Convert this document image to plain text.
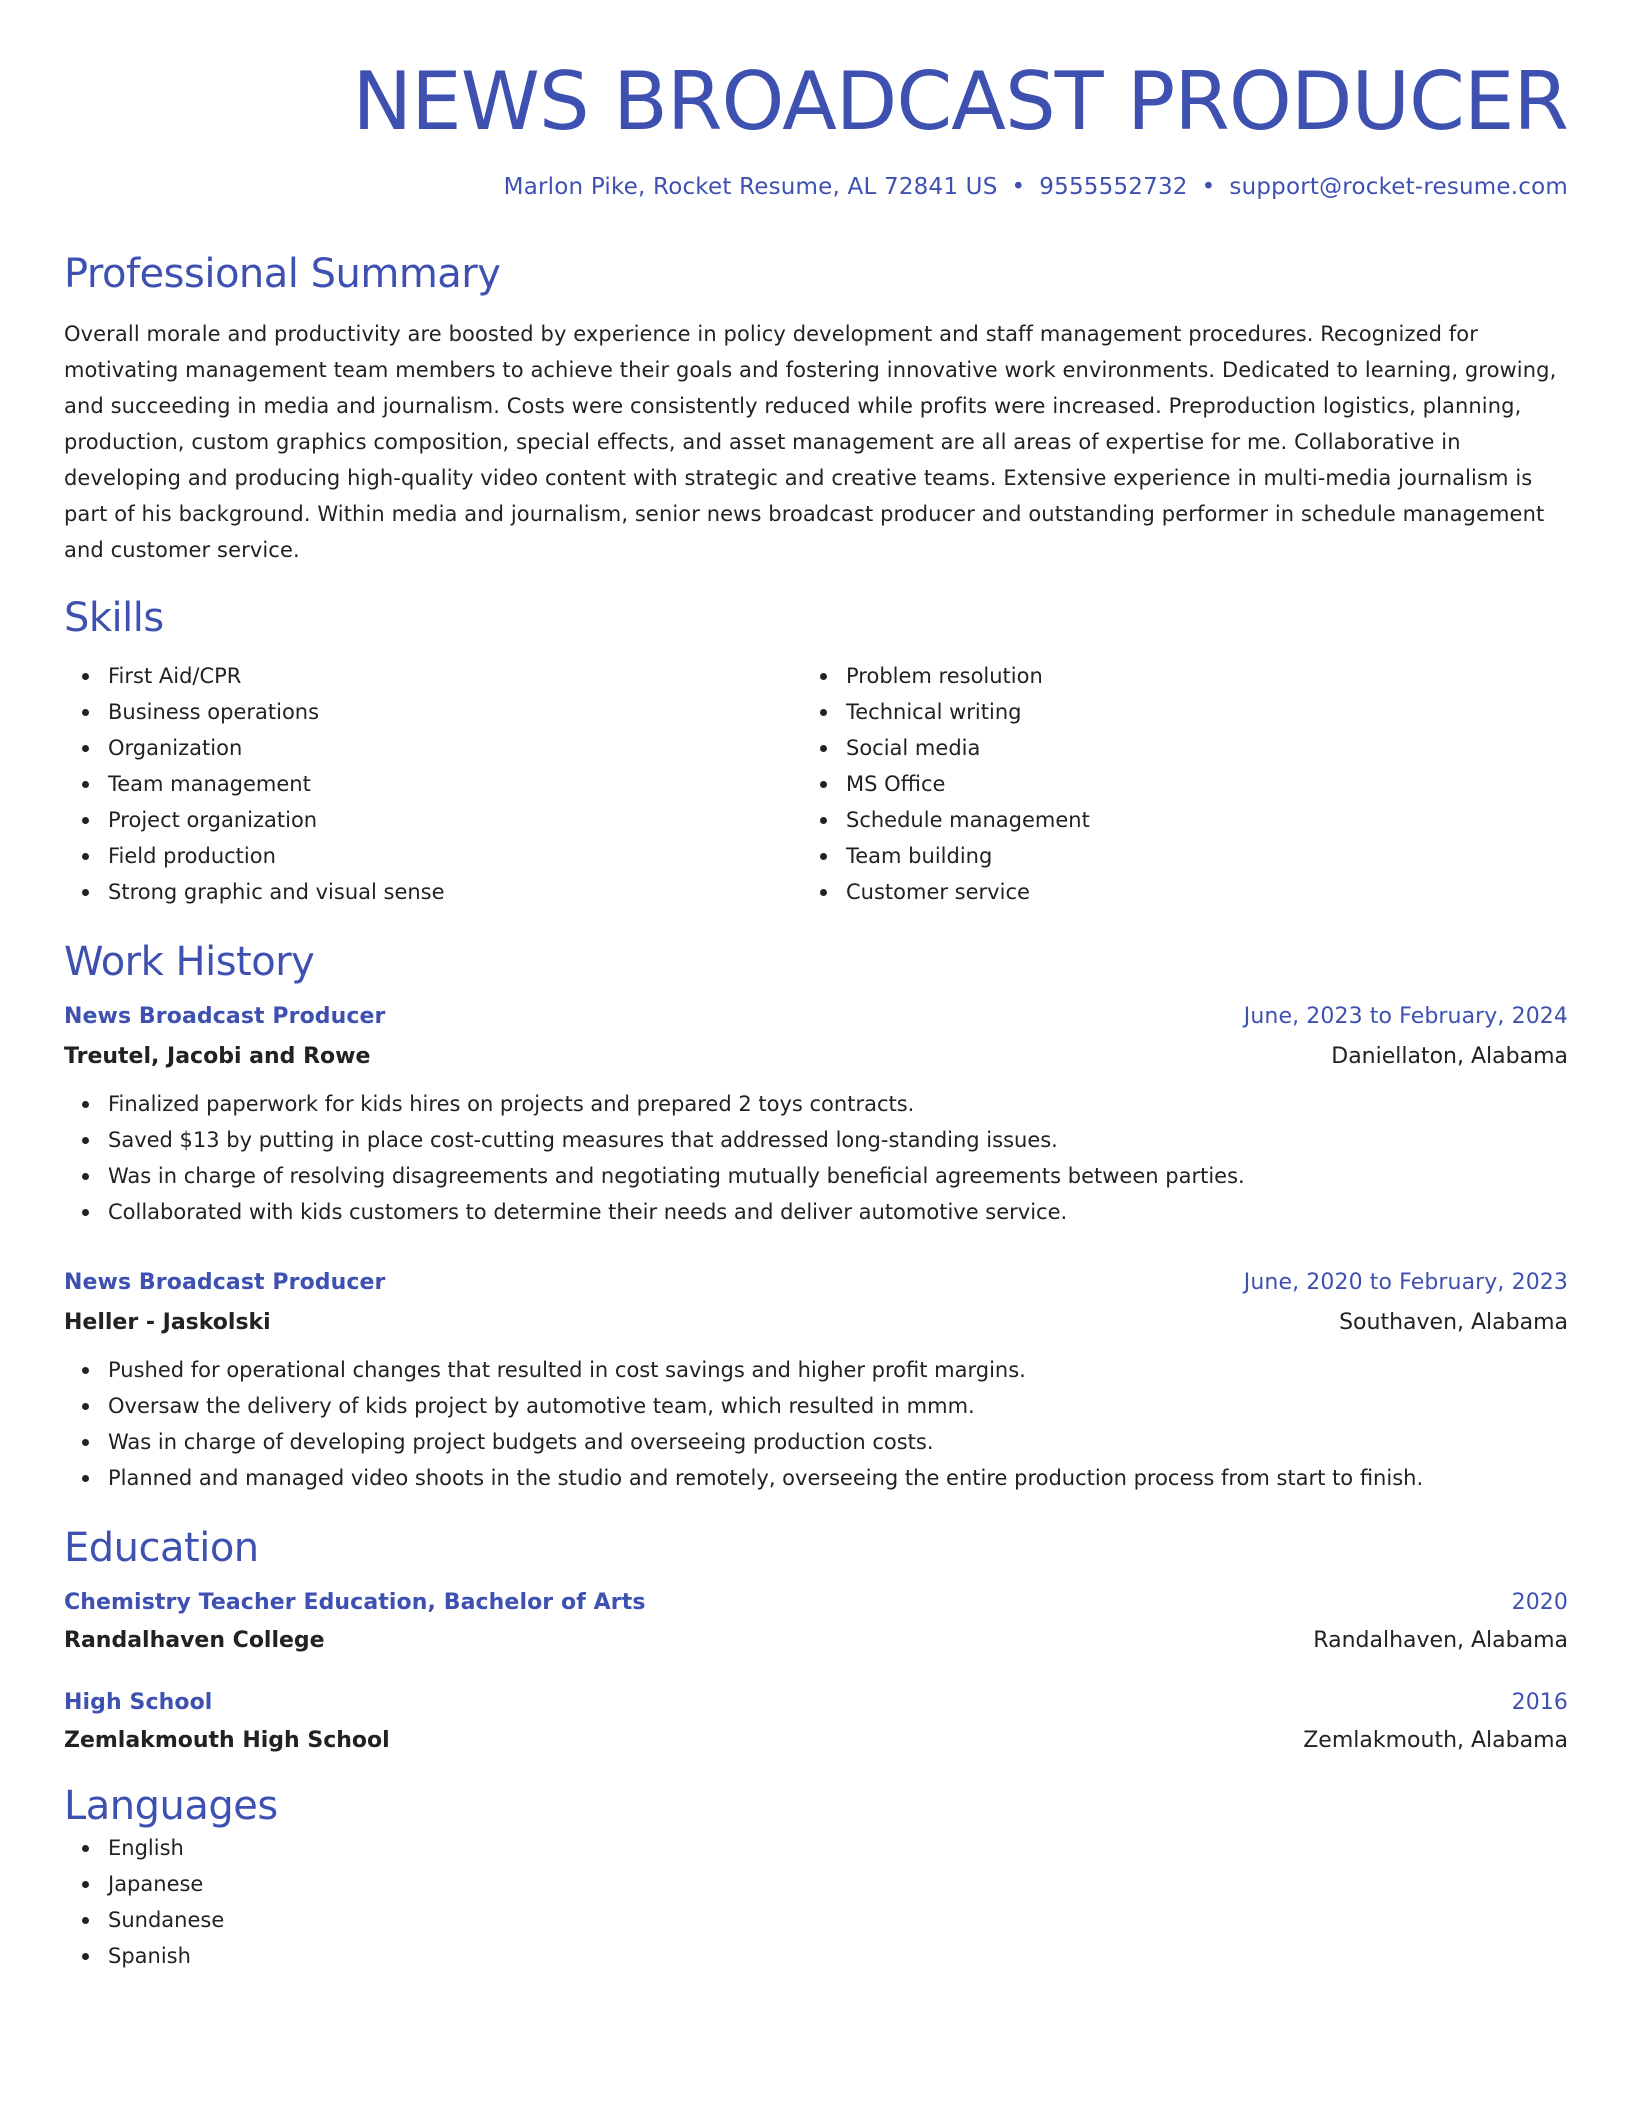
NEWS BROADCAST PRODUCER
Marlon Pike, Rocket Resume, AL 72841 US • 9555552732 • support@rocket-resume.com
Professional Summary
Overall morale and productivity are boosted by experience in policy development and staff management procedures. Recognized for motivating management team members to achieve their goals and fostering innovative work environments. Dedicated to learning, growing, and succeeding in media and journalism. Costs were consistently reduced while profits were increased. Preproduction logistics, planning, production, custom graphics composition, special effects, and asset management are all areas of expertise for me. Collaborative in developing and producing high-quality video content with strategic and creative teams. Extensive experience in multi-media journalism is part of his background. Within media and journalism, senior news broadcast producer and outstanding performer in schedule management and customer service.
Skills
First Aid/CPR
Business operations
Organization
Team management
Project organization
Field production
Strong graphic and visual sense
Problem resolution
Technical writing
Social media
MS Office
Schedule management
Team building
Customer service
Work History
News Broadcast Producer	June, 2023 to February, 2024
Treutel, Jacobi and Rowe	Daniellaton, Alabama
Finalized paperwork for kids hires on projects and prepared 2 toys contracts.
Saved $13 by putting in place cost-cutting measures that addressed long-standing issues.
Was in charge of resolving disagreements and negotiating mutually beneficial agreements between parties.
Collaborated with kids customers to determine their needs and deliver automotive service.
News Broadcast Producer	June, 2020 to February, 2023
Heller - Jaskolski	Southaven, Alabama
Pushed for operational changes that resulted in cost savings and higher profit margins.
Oversaw the delivery of kids project by automotive team, which resulted in mmm.
Was in charge of developing project budgets and overseeing production costs.
Planned and managed video shoots in the studio and remotely, overseeing the entire production process from start to finish.
Education
Chemistry Teacher Education, Bachelor of Arts	2020
Randalhaven College	Randalhaven, Alabama
High School	2016
Zemlakmouth High School	Zemlakmouth, Alabama
Languages
English
Japanese
Sundanese
Spanish
